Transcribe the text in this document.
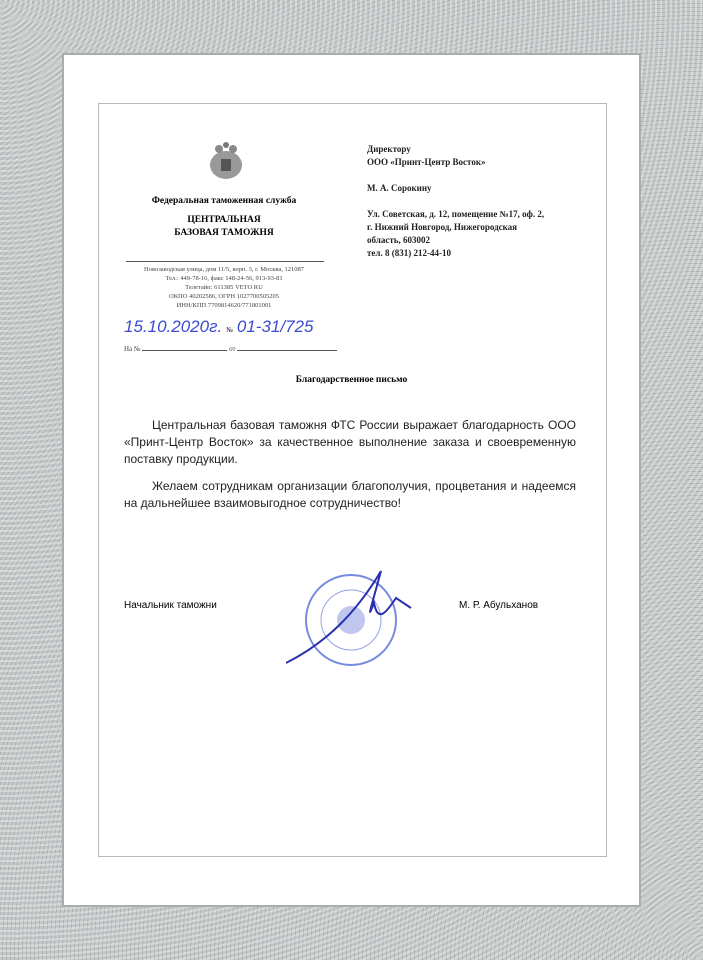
Федеральная таможенная служба
ЦЕНТРАЛЬНАЯ
БАЗОВАЯ ТАМОЖНЯ
Новозаводская улица, дом 11/5, корп. 3, г. Москва, 121087
Тел.: 449-78-16, факс 148-24-56, 913-93-81
Телетайп: 611385 VETO RU
ОКПО 40202586, ОГРН 1027700505205
ИНН/КПП 7709814620/771801001
15.10.2020г. № 01-31/725
На №	от
Директору
ООО «Принт-Центр Восток»
М. А. Сорокину
Ул. Советская, д. 12, помещение №17, оф. 2,
г. Нижний Новгород, Нижегородская
область, 603002
тел. 8 (831) 212-44-10
Благодарственное письмо
Центральная базовая таможня ФТС России выражает благодарность ООО «Принт-Центр Восток» за качественное выполнение заказа и своевременную поставку продукции.
Желаем сотрудникам организации благополучия, процветания и надеемся на дальнейшее взаимовыгодное сотрудничество!
Начальник таможни	М. Р. Абульханов
